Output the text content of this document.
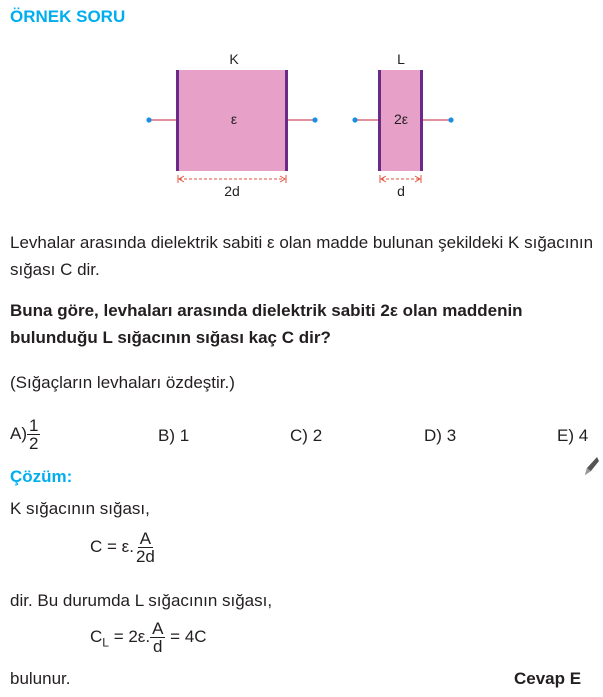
ÖRNEK SORU
K
ε
2d
L
2ε
d
Levhalar arasında dielektrik sabiti ε olan madde bulunan şekildeki K sığacının sığası C dir.
Buna göre, levhaları arasında dielektrik sabiti 2ε olan maddenin bulunduğu L sığacının sığası kaç C dir?
(Sığaçların levhaları özdeştir.)
$A) \frac{1}{2}$	B) 1	C) 2	D) 3	E) 4
Çözüm:
K sığacının sığası,
C = ε. $\frac{A}{2d}$
dir. Bu durumda L sığacının sığası,
$C_L = 2\varepsilon$. $\frac{A}{d} = 4C$
bulunur.	Cevap E
